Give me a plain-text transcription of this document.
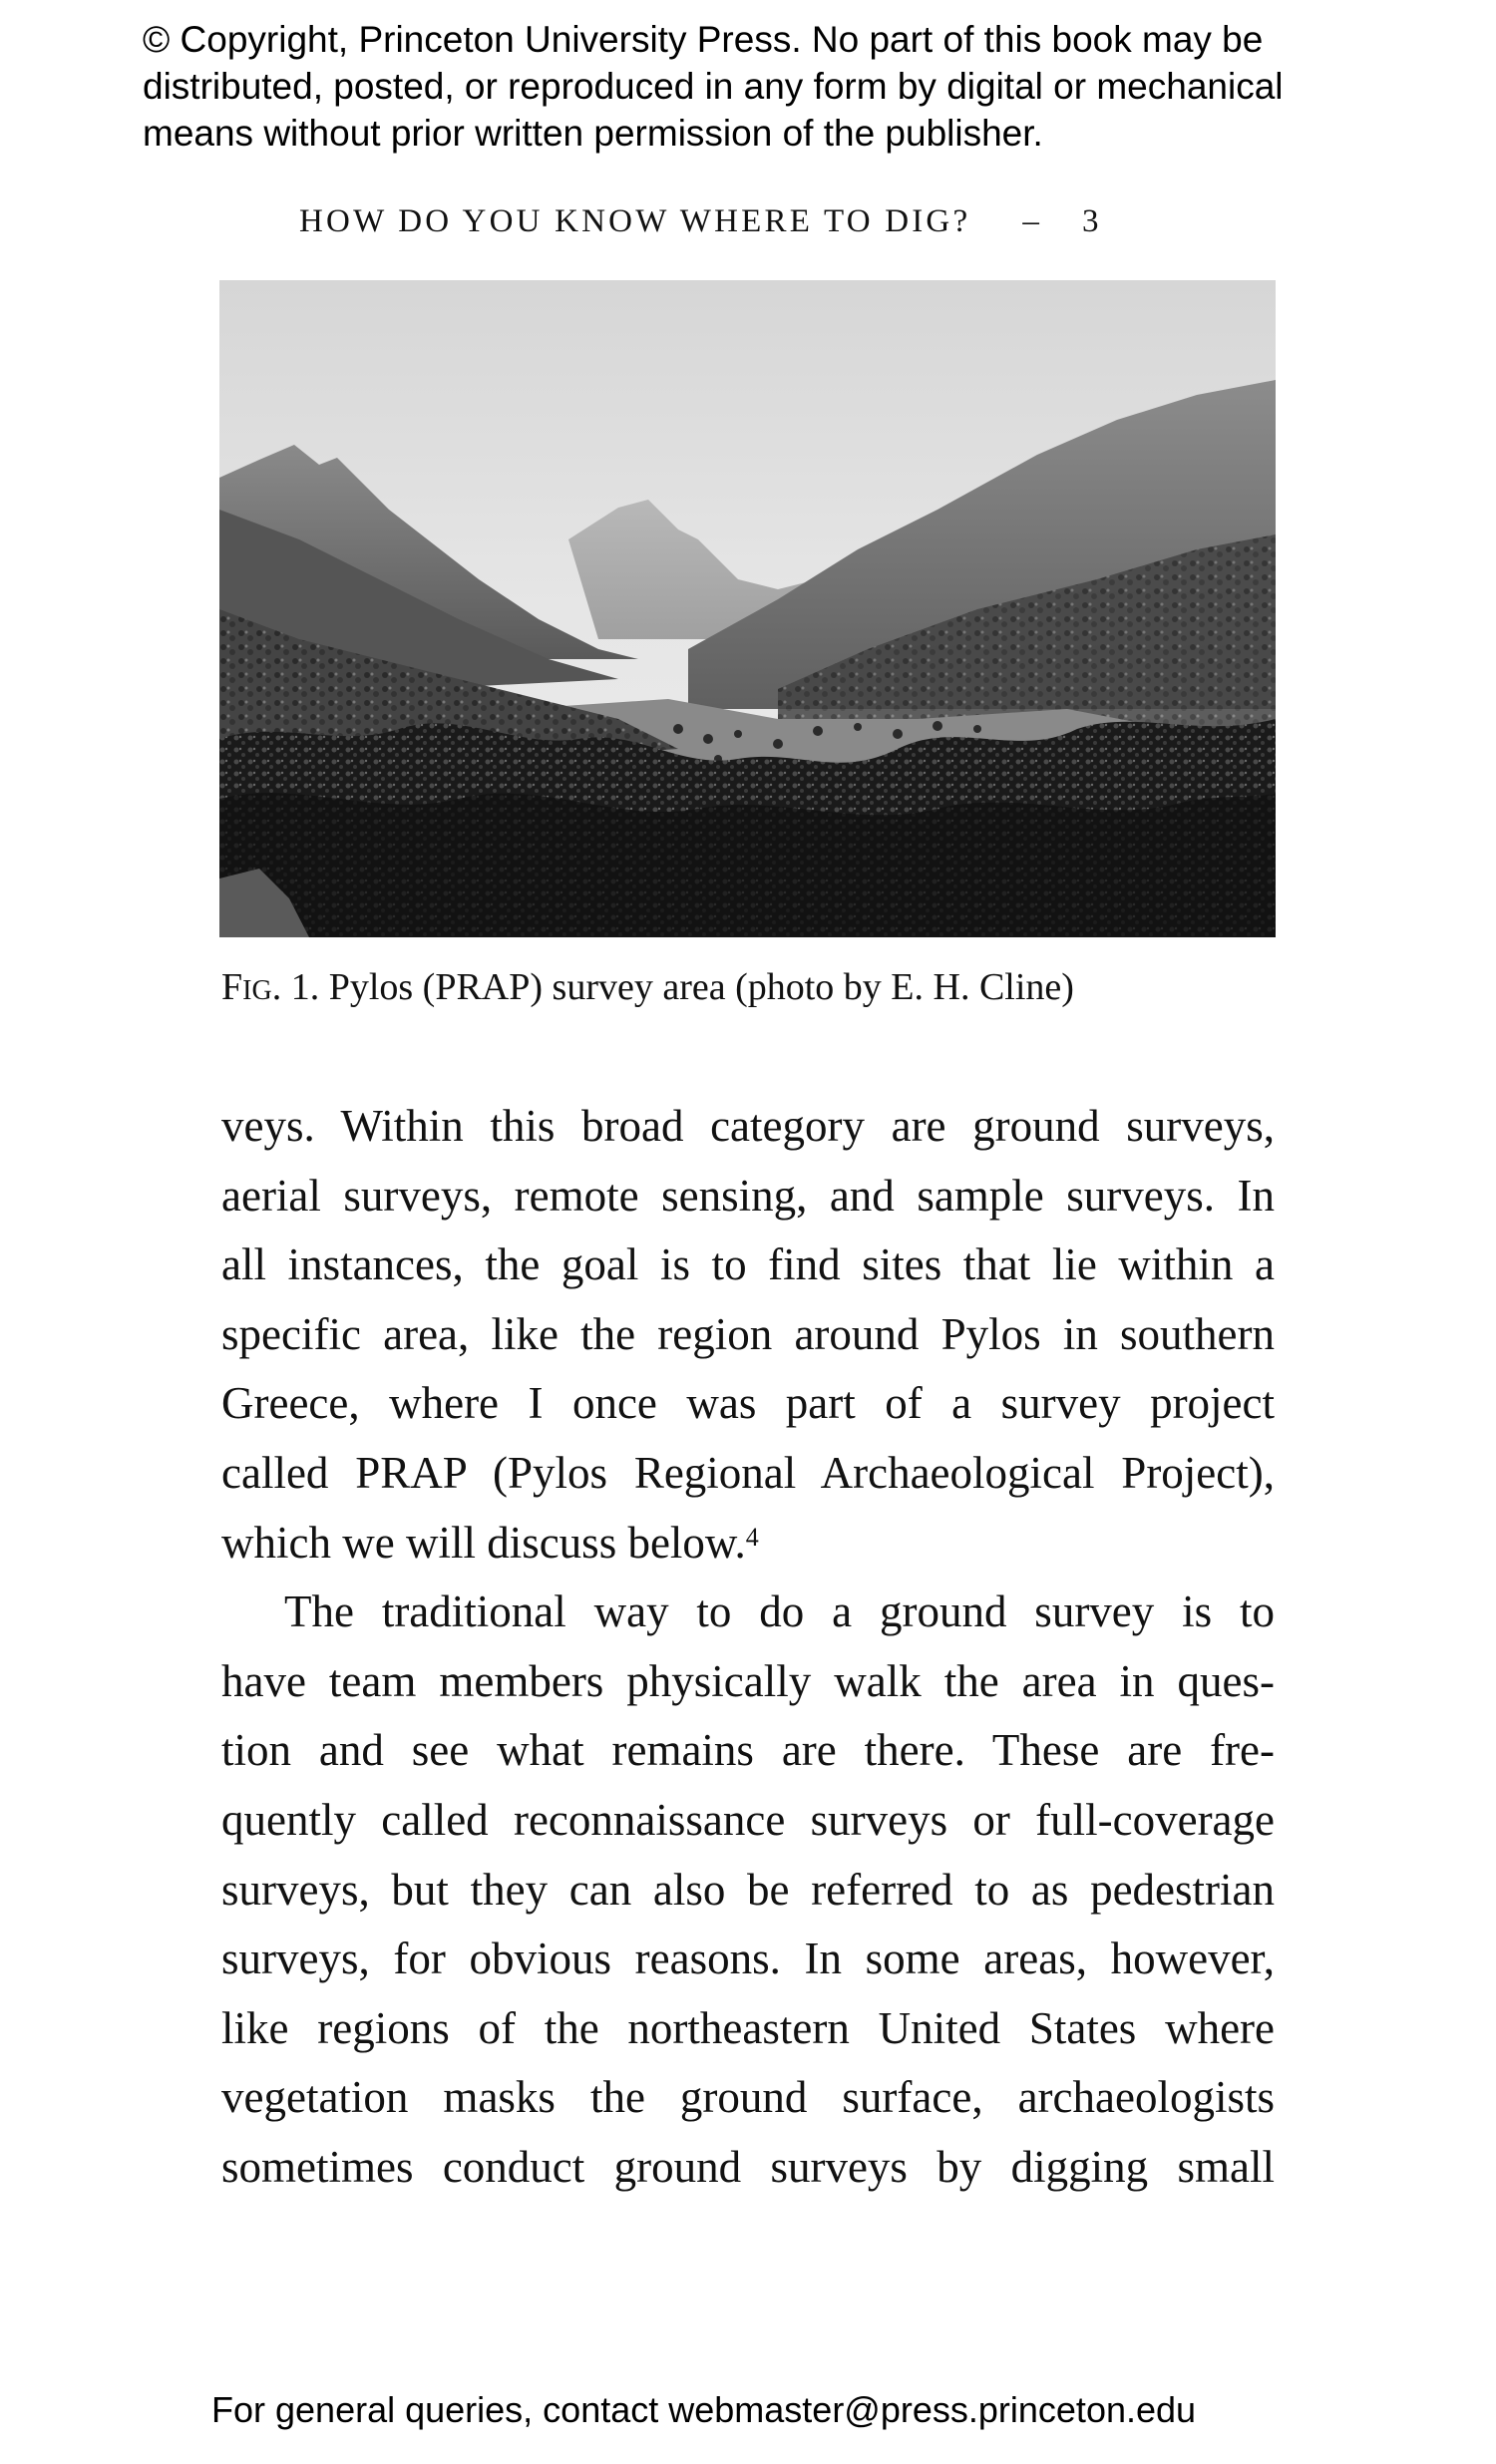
© Copyright, Princeton University Press. No part of this book may be
distributed, posted, or reproduced in any form by digital or mechanical
means without prior written permission of the publisher.
HOW DO YOU KNOW WHERE TO DIG? – 3
FIG. 1. Pylos (PRAP) survey area (photo by E. H. Cline)
veys. Within this broad category are ground surveys,
aerial surveys, remote sensing, and sample surveys. In
all instances, the goal is to find sites that lie within a
specific area, like the region around Pylos in southern
Greece, where I once was part of a survey project
called PRAP (Pylos Regional Archaeological Project),
which we will discuss below.$^4$
The traditional way to do a ground survey is to
have team members physically walk the area in ques-
tion and see what remains are there. These are fre-
quently called reconnaissance surveys or full-coverage
surveys, but they can also be referred to as pedestrian
surveys, for obvious reasons. In some areas, however,
like regions of the northeastern United States where
vegetation masks the ground surface, archaeologists
sometimes conduct ground surveys by digging small
For general queries, contact webmaster@press.princeton.edu
